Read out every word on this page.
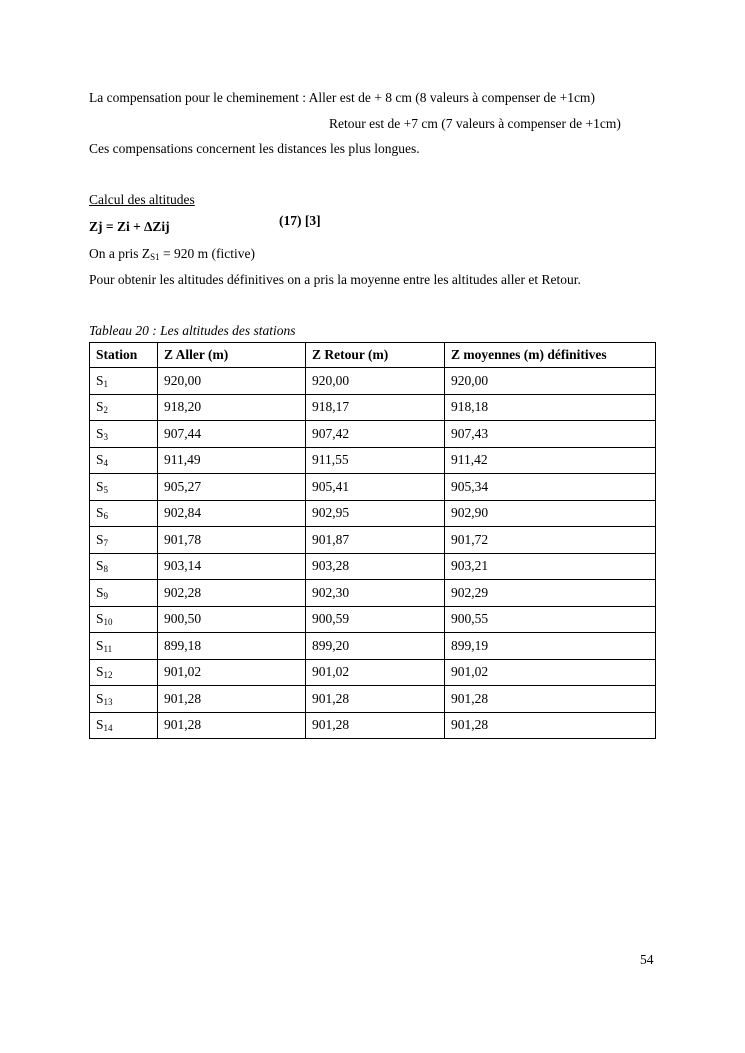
La compensation pour le cheminement : Aller est de + 8 cm (8 valeurs à compenser de +1cm)
Retour est de +7 cm (7 valeurs à compenser de +1cm)
Ces compensations concernent les distances les plus longues.
Calcul des altitudes
Zj = Zi + ∆Zij	(17) [3]
On a pris $Z_{S1} = 920$ m (fictive)
Pour obtenir les altitudes définitives on a pris la moyenne entre les altitudes aller et Retour.
Tableau 20 : Les altitudes des stations
Station	Z Aller (m)	Z Retour (m)	Z moyennes (m) définitives
$S_1$	920,00	920,00	920,00
$S_2$	918,20	918,17	918,18
$S_3$	907,44	907,42	907,43
$S_4$	911,49	911,55	911,42
$S_5$	905,27	905,41	905,34
$S_6$	902,84	902,95	902,90
$S_7$	901,78	901,87	901,72
$S_8$	903,14	903,28	903,21
$S_9$	902,28	902,30	902,29
$S_{10}$	900,50	900,59	900,55
$S_{11}$	899,18	899,20	899,19
$S_{12}$	901,02	901,02	901,02
$S_{13}$	901,28	901,28	901,28
$S_{14}$	901,28	901,28	901,28
54
